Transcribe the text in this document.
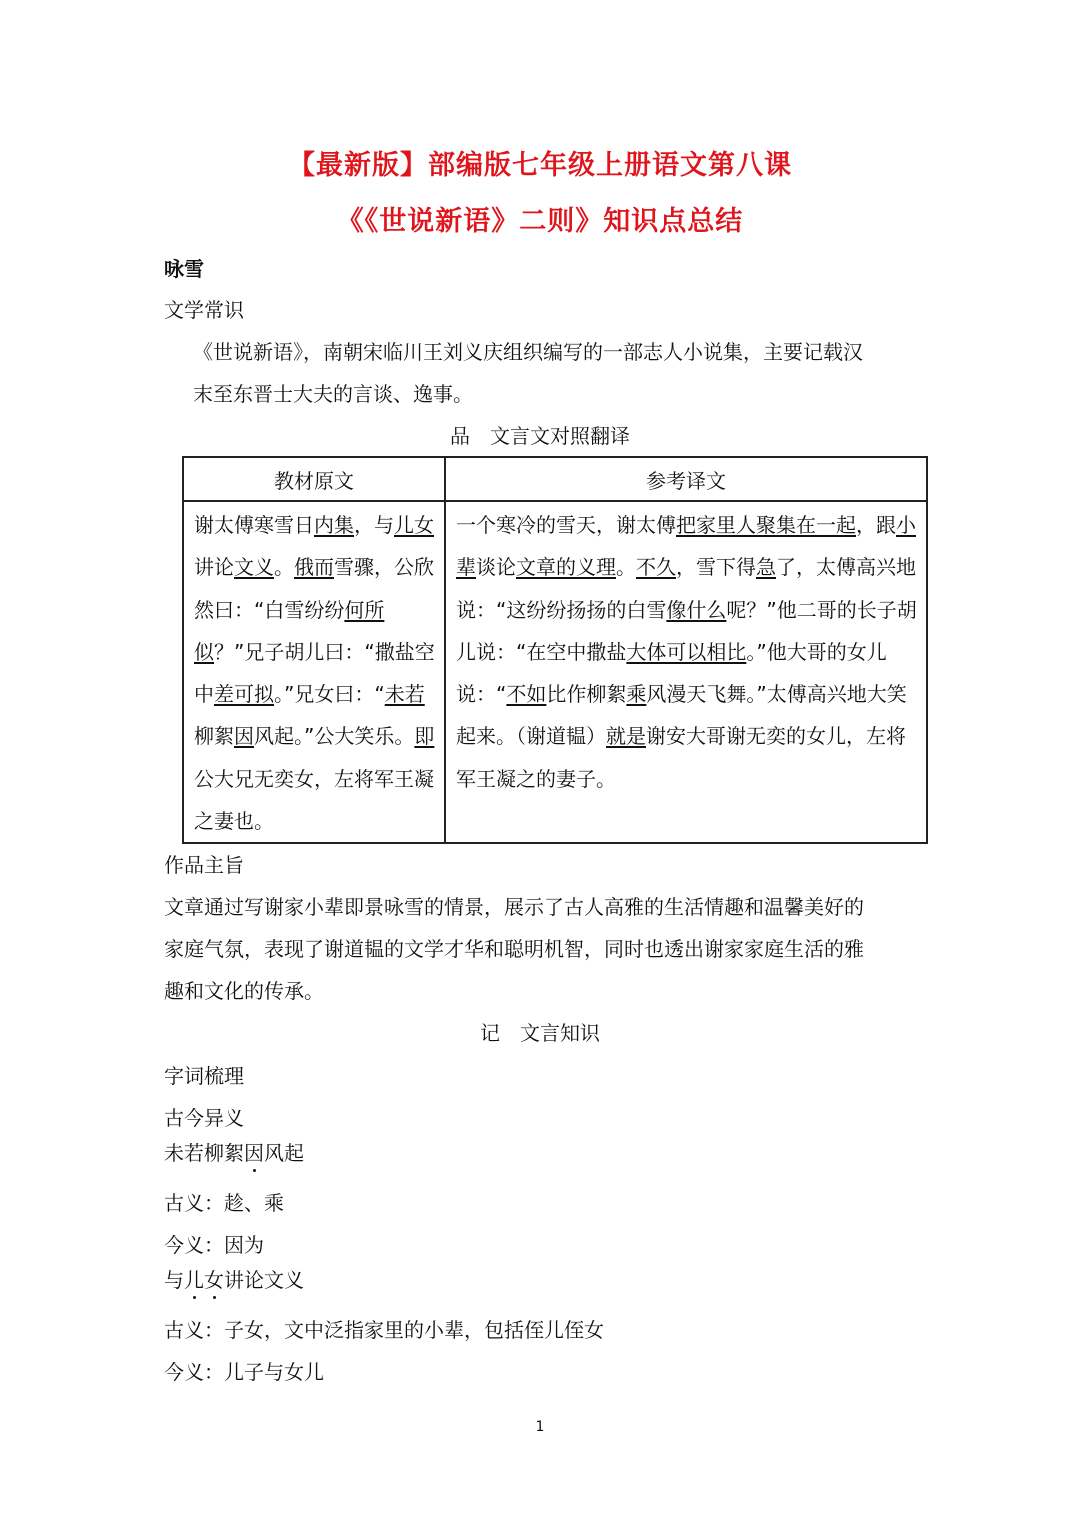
【最新版】部编版七年级上册语文第八课
《《世说新语》二则》知识点总结
咏雪
文学常识
《世说新语》，南朝宋临川王刘义庆组织编写的一部志人小说集，主要记载汉
末至东晋士大夫的言谈、逸事。
品　文言文对照翻译
教材原文	参考译文
谢太傅寒雪日内集，与儿女讲论文义。俄而雪骤，公欣然曰：“白雪纷纷何所似？”兄子胡儿曰：“撒盐空中差可拟。”兄女曰：“未若柳絮因风起。”公大笑乐。即公大兄无奕女，左将军王凝之妻也。	一个寒冷的雪天，谢太傅把家里人聚集在一起，跟小辈谈论文章的义理。不久，雪下得急了，太傅高兴地说：“这纷纷扬扬的白雪像什么呢？”他二哥的长子胡儿说：“在空中撒盐大体可以相比。”他大哥的女儿说：“不如比作柳絮乘风漫天飞舞。”太傅高兴地大笑起来。（谢道韫）就是谢安大哥谢无奕的女儿，左将军王凝之的妻子。
作品主旨
文章通过写谢家小辈即景咏雪的情景，展示了古人高雅的生活情趣和温馨美好的
家庭气氛，表现了谢道韫的文学才华和聪明机智，同时也透出谢家家庭生活的雅
趣和文化的传承。
记　文言知识
字词梳理
古今异义
未若柳絮因风起
古义：趁、乘
今义：因为
与儿女讲论文义
古义：子女，文中泛指家里的小辈，包括侄儿侄女
今义：儿子与女儿
1
